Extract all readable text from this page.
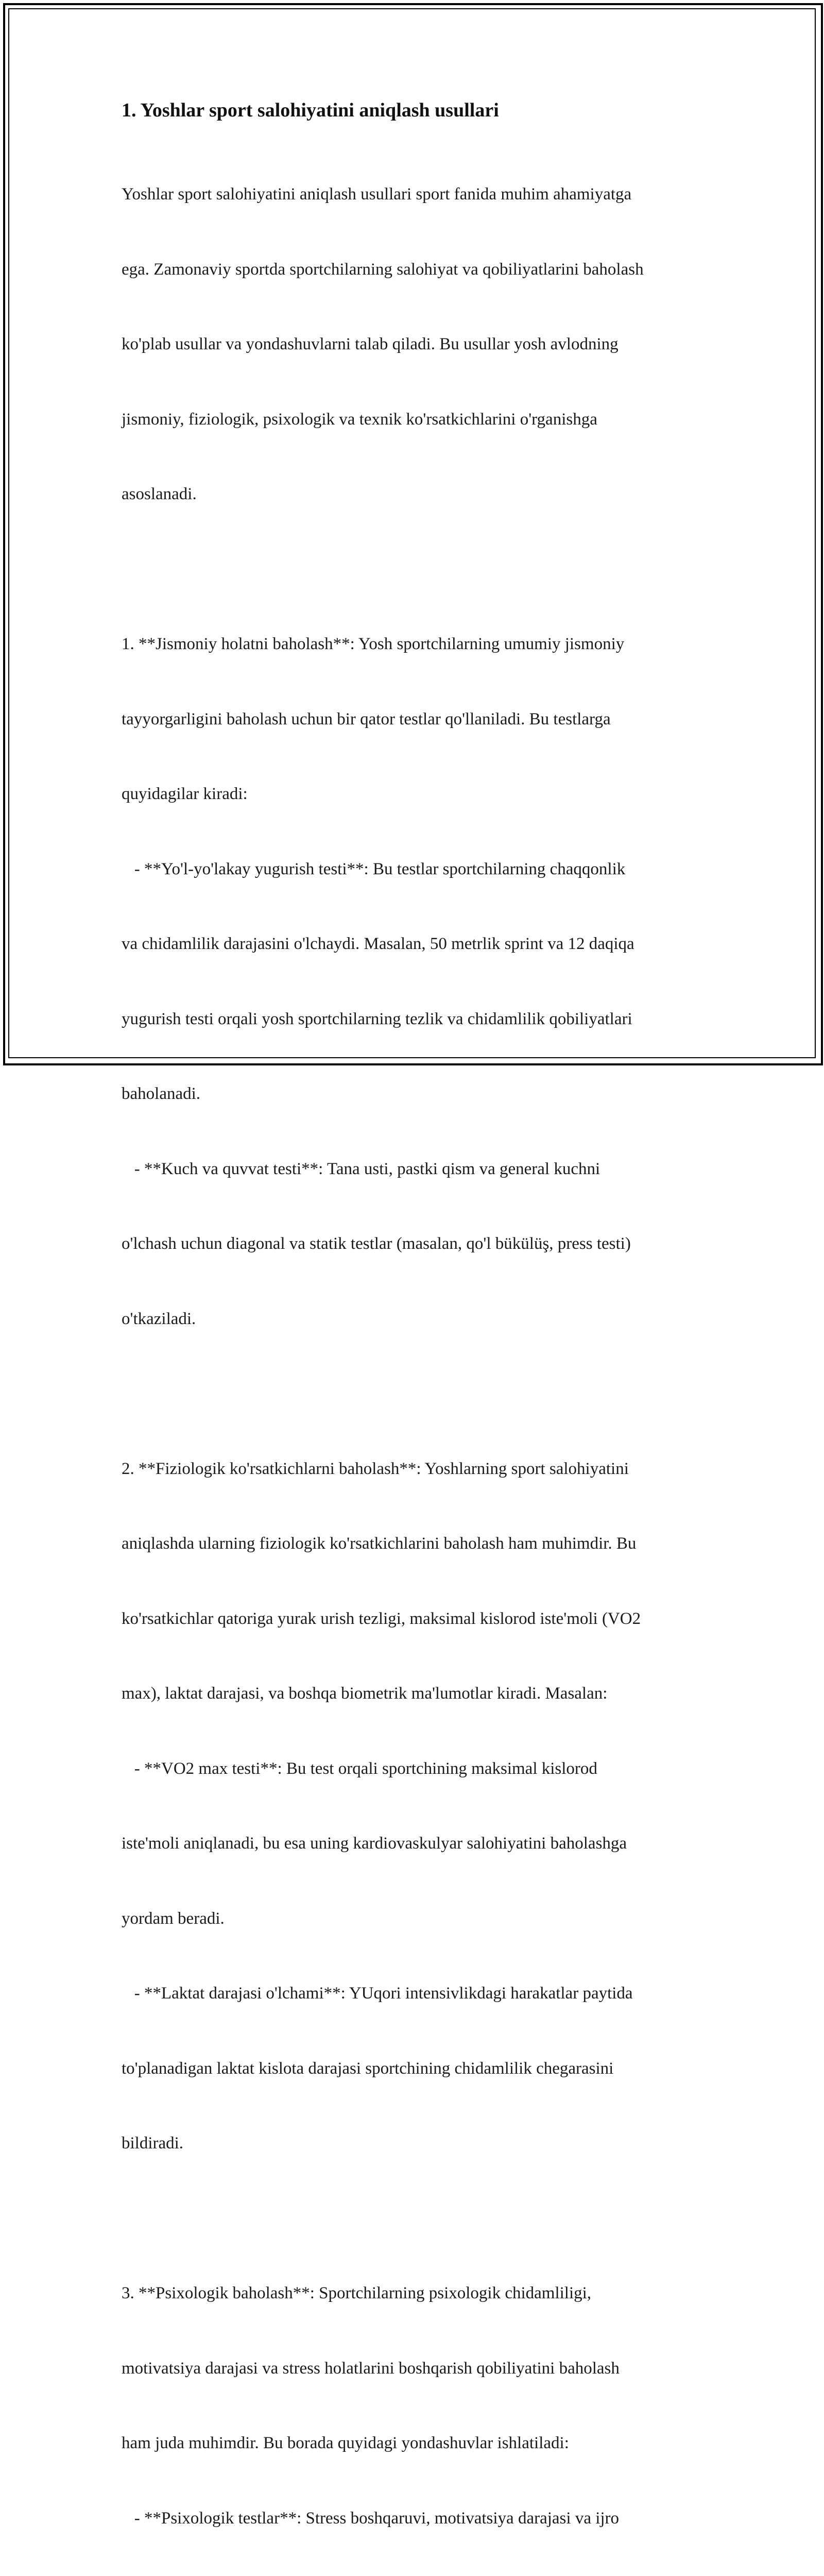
1. Yoshlar sport salohiyatini aniqlash usullari

Yoshlar sport salohiyatini aniqlash usullari sport fanida muhim ahamiyatga

ega. Zamonaviy sportda sportchilarning salohiyat va qobiliyatlarini baholash

ko'plab usullar va yondashuvlarni talab qiladi. Bu usullar yosh avlodning

jismoniy, fiziologik, psixologik va texnik ko'rsatkichlarini o'rganishga

asoslanadi.

1. **Jismoniy holatni baholash**: Yosh sportchilarning umumiy jismoniy

tayyorgarligini baholash uchun bir qator testlar qo'llaniladi. Bu testlarga

quyidagilar kiradi:

- **Yo'l-yo'lakay yugurish testi**: Bu testlar sportchilarning chaqqonlik

va chidamlilik darajasini o'lchaydi. Masalan, 50 metrlik sprint va 12 daqiqa

yugurish testi orqali yosh sportchilarning tezlik va chidamlilik qobiliyatlari

baholanadi.

- **Kuch va quvvat testi**: Tana usti, pastki qism va general kuchni

o'lchash uchun diagonal va statik testlar (masalan, qo'l bükülüş, press testi)

o'tkaziladi.

2. **Fiziologik ko'rsatkichlarni baholash**: Yoshlarning sport salohiyatini

aniqlashda ularning fiziologik ko'rsatkichlarini baholash ham muhimdir. Bu

ko'rsatkichlar qatoriga yurak urish tezligi, maksimal kislorod iste'moli (VO2

max), laktat darajasi, va boshqa biometrik ma'lumotlar kiradi. Masalan:

- **VO2 max testi**: Bu test orqali sportchining maksimal kislorod

iste'moli aniqlanadi, bu esa uning kardiovaskulyar salohiyatini baholashga

yordam beradi.

- **Laktat darajasi o'lchami**: YUqori intensivlikdagi harakatlar paytida

to'planadigan laktat kislota darajasi sportchining chidamlilik chegarasini

bildiradi.

3. **Psixologik baholash**: Sportchilarning psixologik chidamliligi,

motivatsiya darajasi va stress holatlarini boshqarish qobiliyatini baholash

ham juda muhimdir. Bu borada quyidagi yondashuvlar ishlatiladi:

- **Psixologik testlar**: Stress boshqaruvi, motivatsiya darajasi va ijro
